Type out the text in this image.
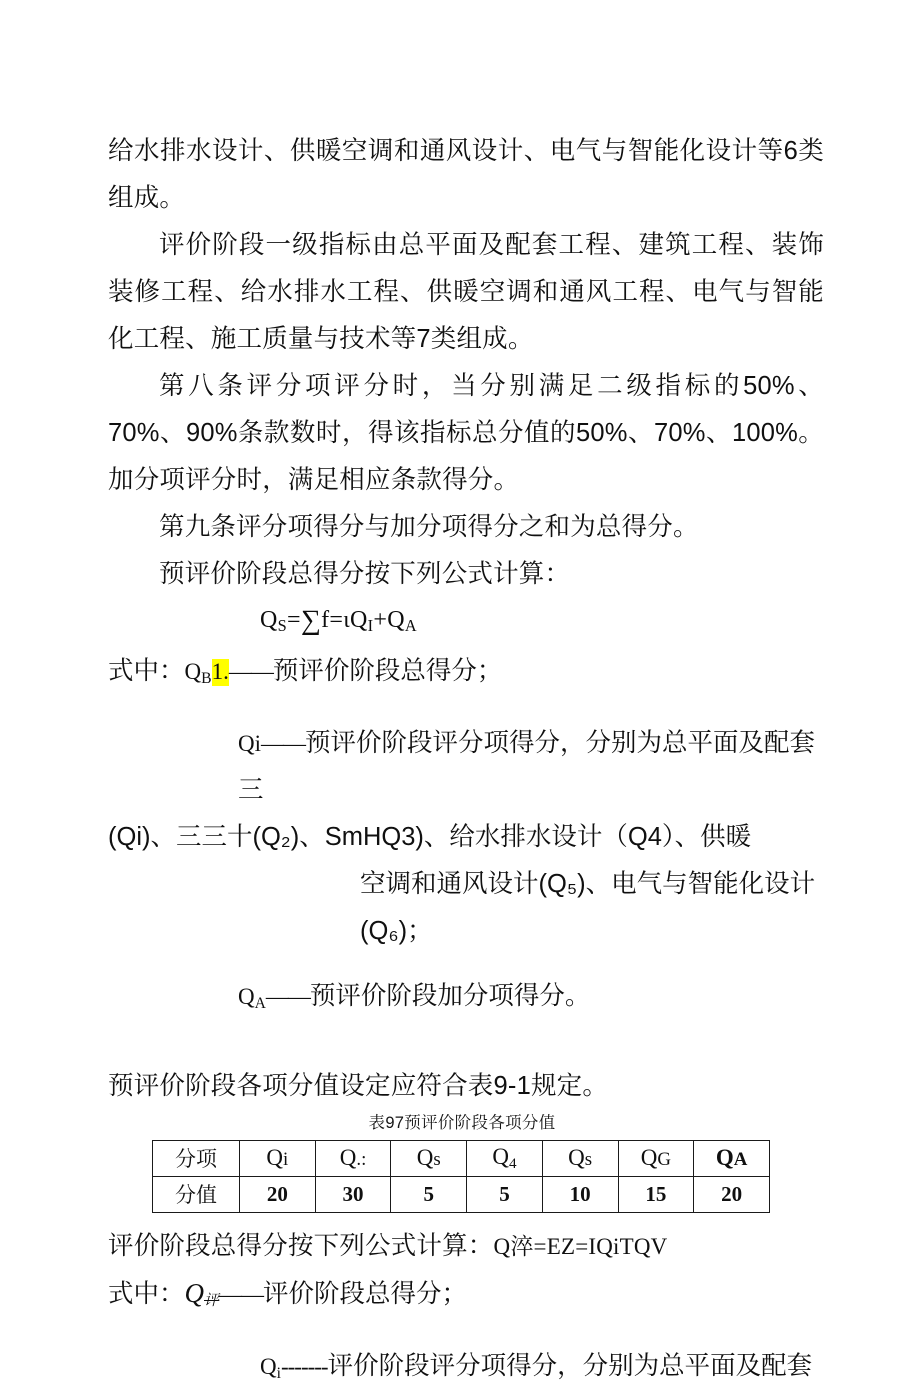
给水排水设计、供暖空调和通风设计、电气与智能化设计等6类组成。

评价阶段一级指标由总平面及配套工程、建筑工程、装饰装修工程、给水排水工程、供暖空调和通风工程、电气与智能化工程、施工质量与技术等7类组成。

第八条评分项评分时，当分别满足二级指标的50%、70%、90%条款数时，得该指标总分值的50%、70%、100%。加分项评分时，满足相应条款得分。

第九条评分项得分与加分项得分之和为总得分。

预评价阶段总得分按下列公式计算：

$Q_S=\sum f=\iota Q_I+Q_A$

式中：$Q_B1.——$预评价阶段总得分；

Qi——预评价阶段评分项得分，分别为总平面及配套三

(Qi)、三三十(Q₂)、SmHQ3)、给水排水设计（Q4）、供暖

空调和通风设计(Q₅)、电气与智能化设计(Q₆)；

$Q_A——$预评价阶段加分项得分。

预评价阶段各项分值设定应符合表9-1规定。

表97预评价阶段各项分值

分项	Qi	Q.:	Qs	$Q_4$	Qs	QG	QA
分值	20	30	5	5	10	15	20

评价阶段总得分按下列公式计算：Q淬=EZ=IQiTQV

式中：Q评——评价阶段总得分；

$Q_i-------$评价阶段评分项得分，分别为总平面及配套
